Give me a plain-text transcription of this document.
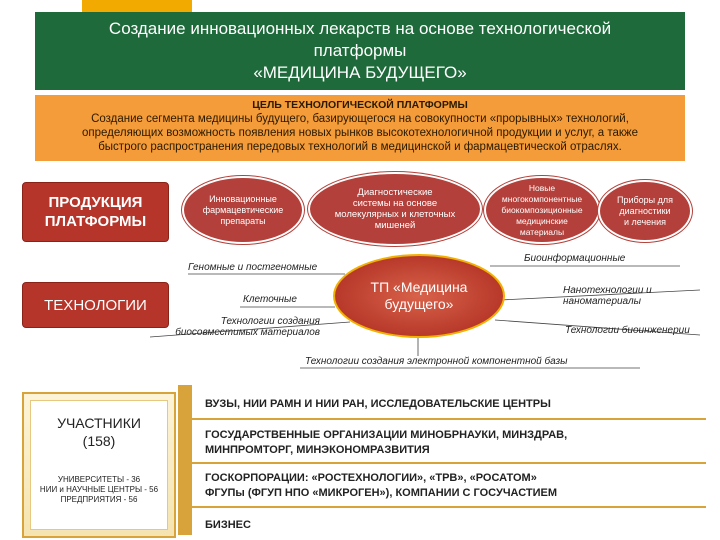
Создание инновационных лекарств на основе технологической
платформы
«МЕДИЦИНА БУДУЩЕГО»
ЦЕЛЬ ТЕХНОЛОГИЧЕСКОЙ ПЛАТФОРМЫ
Создание сегмента медицины будущего, базирующегося на совокупности «прорывных» технологий,
определяющих возможность появления новых рынков высокотехнологичной продукции и услуг, а также
быстрого распространения передовых технологий в медицинской и фармацевтической отраслях.
ПРОДУКЦИЯ
ПЛАТФОРМЫ
Инновационные
фармацевтические
препараты
Диагностические
системы на основе
молекулярных и клеточных
мишеней
Новые
многокомпонентные
биокомпозиционные
медицинские
материалы
Приборы для
диагностики
и лечения
ТЕХНОЛОГИИ
Геномные и постгеномные
Клеточные
Технологии создания
биосовместимых материалов
Биоинформационные
Нанотехнологии и
наноматериалы
Технологии биоинженерии
Технологии создания электронной компонентной базы
ТП «Медицина
будущего»
УЧАСТНИКИ
(158)
УНИВЕРСИТЕТЫ - 36
НИИ и НАУЧНЫЕ ЦЕНТРЫ - 56
ПРЕДПРИЯТИЯ - 56
ВУЗЫ, НИИ РАМН И НИИ РАН, ИССЛЕДОВАТЕЛЬСКИЕ ЦЕНТРЫ
ГОСУДАРСТВЕННЫЕ ОРГАНИЗАЦИИ МИНОБРНАУКИ, МИНЗДРАВ,
МИНПРОМТОРГ, МИНЭКОНОМРАЗВИТИЯ
ГОСКОРПОРАЦИИ: «РОСТЕХНОЛОГИИ», «ТРВ», «РОСАТОМ»
ФГУПы (ФГУП НПО «МИКРОГЕН»), КОМПАНИИ С ГОСУЧАСТИЕМ
БИЗНЕС
